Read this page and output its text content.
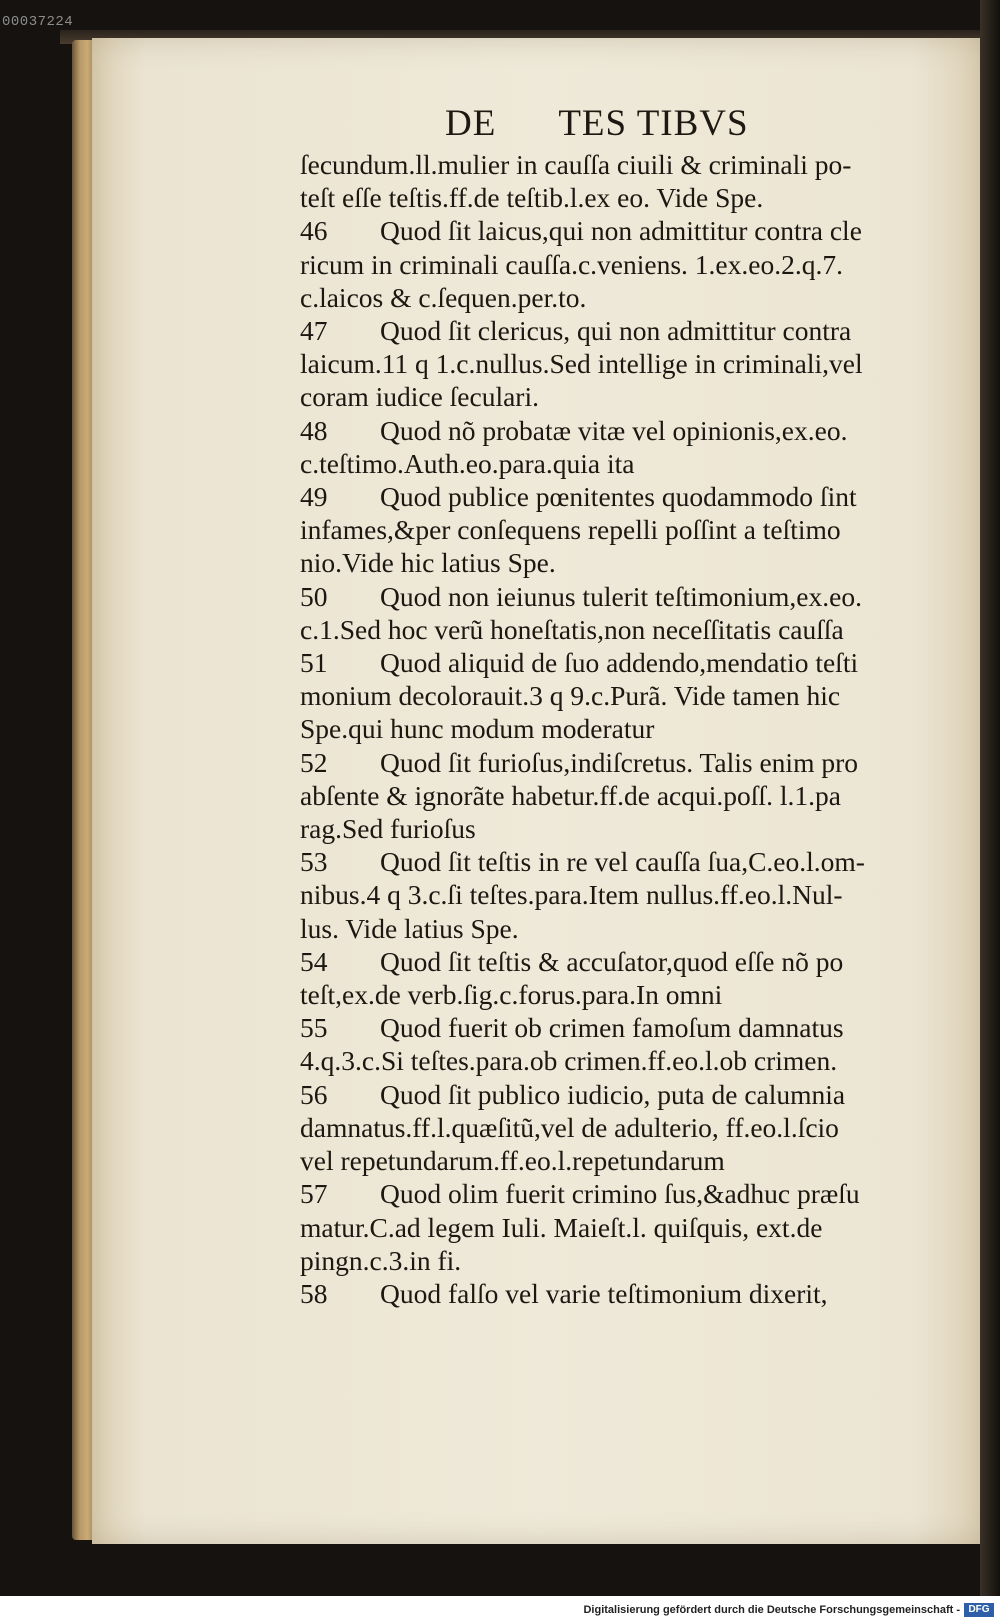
00037224
DE TES TIBVS
ſecundum.ll.mulier in cauſſa ciuili & criminali po-
teſt eſſe teſtis.ff.de teſtib.l.ex eo. Vide Spe.
46 Quod ſit laicus,qui non admittitur contra cle
ricum in criminali cauſſa.c.veniens. 1.ex.eo.2.q.7.
c.laicos & c.ſequen.per.to.
47 Quod ſit clericus, qui non admittitur contra
laicum.11 q 1.c.nullus.Sed intellige in criminali,vel
coram iudice ſeculari.
48 Quod nõ probatæ vitæ vel opinionis,ex.eo.
c.teſtimo.Auth.eo.para.quia ita
49 Quod publice pœnitentes quodammodo ſint
infames,&per conſequens repelli poſſint a teſtimo
nio.Vide hic latius Spe.
50 Quod non ieiunus tulerit teſtimonium,ex.eo.
c.1.Sed hoc verũ honeſtatis,non neceſſitatis cauſſa
51 Quod aliquid de ſuo addendo,mendatio teſti
monium decolorauit.3 q 9.c.Purã. Vide tamen hic
Spe.qui hunc modum moderatur
52 Quod ſit furioſus,indiſcretus. Talis enim pro
abſente & ignorãte habetur.ff.de acqui.poſſ. l.1.pa
rag.Sed furioſus
53 Quod ſit teſtis in re vel cauſſa ſua,C.eo.l.om-
nibus.4 q 3.c.ſi teſtes.para.Item nullus.ff.eo.l.Nul-
lus. Vide latius Spe.
54 Quod ſit teſtis & accuſator,quod eſſe nõ po
teſt,ex.de verb.ſig.c.forus.para.In omni
55 Quod fuerit ob crimen famoſum damnatus
4.q.3.c.Si teſtes.para.ob crimen.ff.eo.l.ob crimen.
56 Quod ſit publico iudicio, puta de calumnia
damnatus.ff.l.quæſitũ,vel de adulterio, ff.eo.l.ſcio
vel repetundarum.ff.eo.l.repetundarum
57 Quod olim fuerit crimino ſus,&adhuc præſu
matur.C.ad legem Iuli. Maieſt.l. quiſquis, ext.de
pingn.c.3.in fi.
58 Quod falſo vel varie teſtimonium dixerit,
Digitalisierung gefördert durch die Deutsche Forschungsgemeinschaft - DFG
